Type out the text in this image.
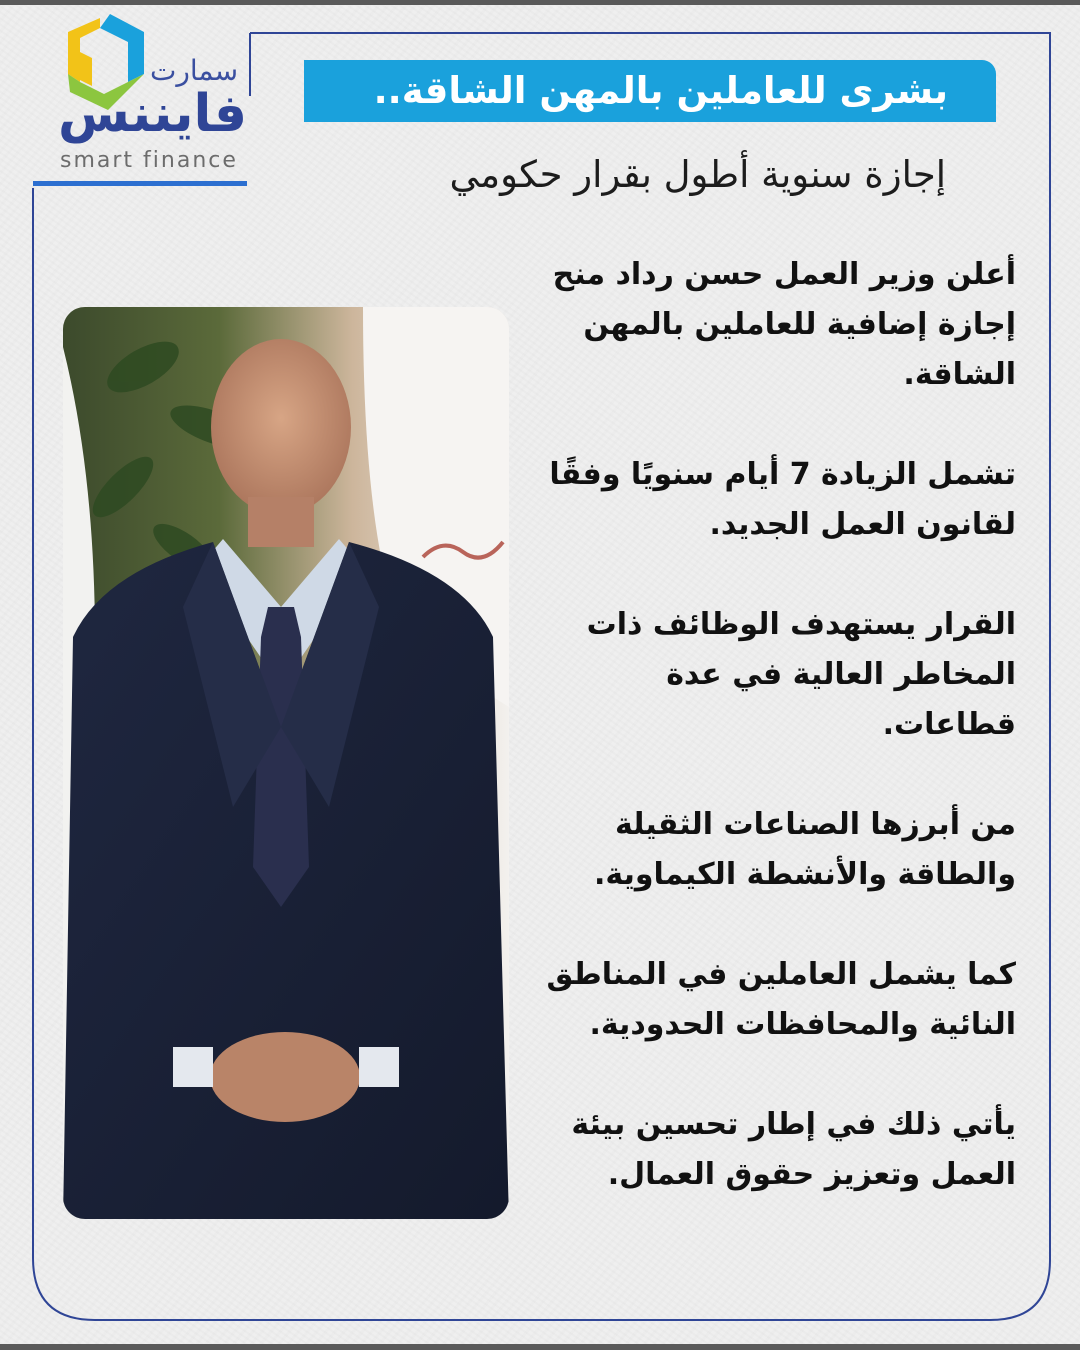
سمارت
فايننس
smart finance
بشرى للعاملين بالمهن الشاقة..
إجازة سنوية أطول بقرار حكومي

أعلن وزير العمل حسن رداد منح إجازة إضافية للعاملين بالمهن الشاقة.

تشمل الزيادة 7 أيام سنويًا وفقًا لقانون العمل الجديد.

القرار يستهدف الوظائف ذات المخاطر العالية في عدة قطاعات.

من أبرزها الصناعات الثقيلة والطاقة والأنشطة الكيماوية.

كما يشمل العاملين في المناطق النائية والمحافظات الحدودية.

يأتي ذلك في إطار تحسين بيئة العمل وتعزيز حقوق العمال.
